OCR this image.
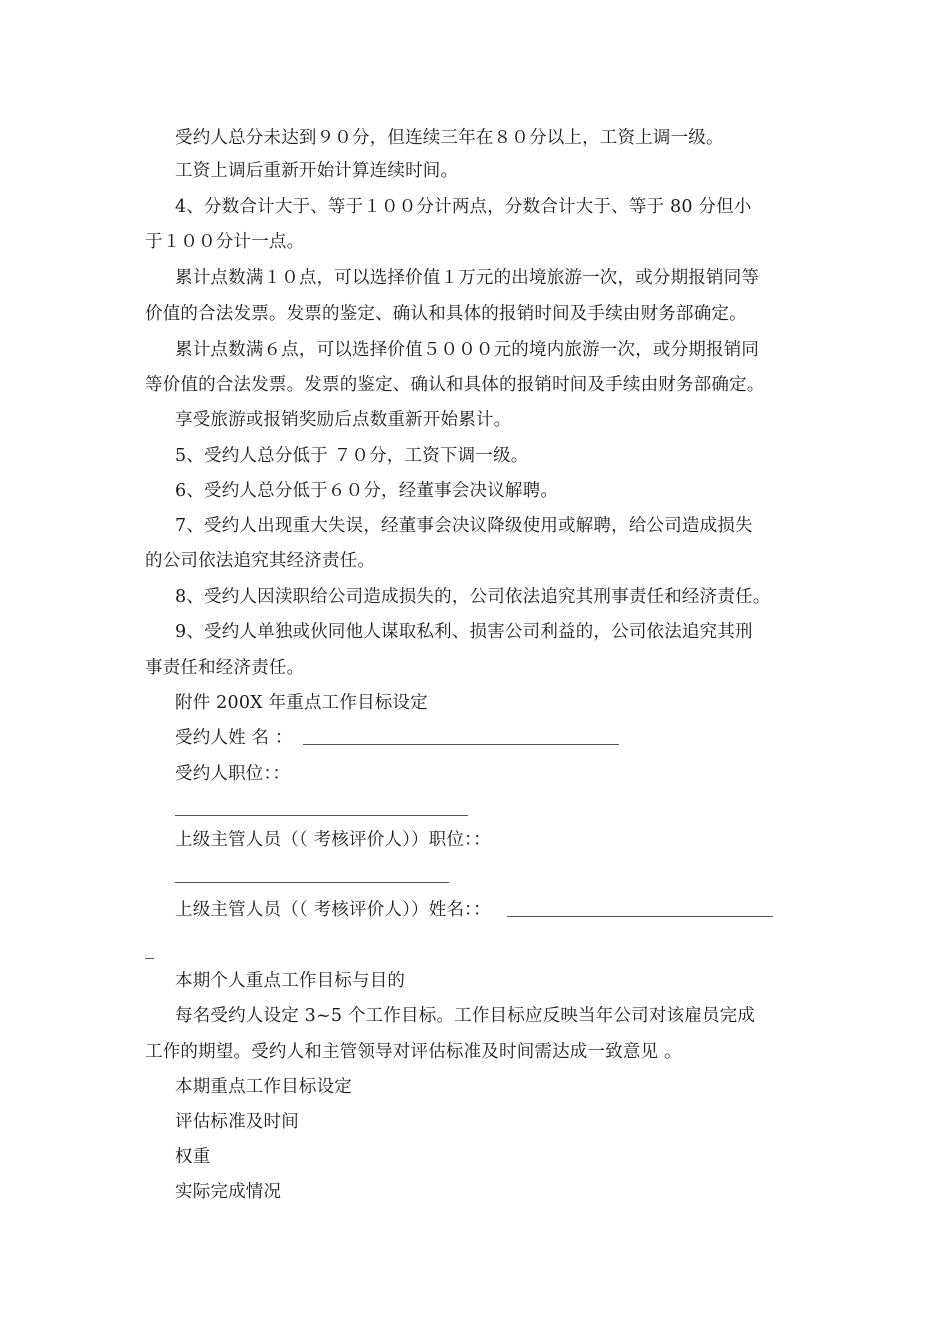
受约人总分未达到９０分，但连续三年在８０分以上，工资上调一级。
工资上调后重新开始计算连续时间。
4、分数合计大于、等于１００分计两点，分数合计大于、等于 80 分但小
于１００分计一点。
累计点数满１０点，可以选择价值１万元的出境旅游一次，或分期报销同等
价值的合法发票。发票的鉴定、确认和具体的报销时间及手续由财务部确定。
累计点数满６点，可以选择价值５０００元的境内旅游一次，或分期报销同
等价值的合法发票。发票的鉴定、确认和具体的报销时间及手续由财务部确定。
享受旅游或报销奖励后点数重新开始累计。
5、受约人总分低于 ７０分，工资下调一级。
6、受约人总分低于６０分，经董事会决议解聘。
7、受约人出现重大失误，经董事会决议降级使用或解聘，给公司造成损失
的公司依法追究其经济责任。
8、受约人因渎职给公司造成损失的，公司依法追究其刑事责任和经济责任。
9、受约人单独或伙同他人谋取私利、损害公司利益的，公司依法追究其刑
事责任和经济责任。
附件 200X 年重点工作目标设定
受约人姓 名 ：
受约人职位：：
上级主管人员（（ 考核评价人））职位：：
上级主管人员（（ 考核评价人））姓名：：
本期个人重点工作目标与目的
每名受约人设定 3~5 个工作目标。工作目标应反映当年公司对该雇员完成
工作的期望。受约人和主管领导对评估标准及时间需达成一致意见 。
本期重点工作目标设定
评估标准及时间
权重
实际完成情况
